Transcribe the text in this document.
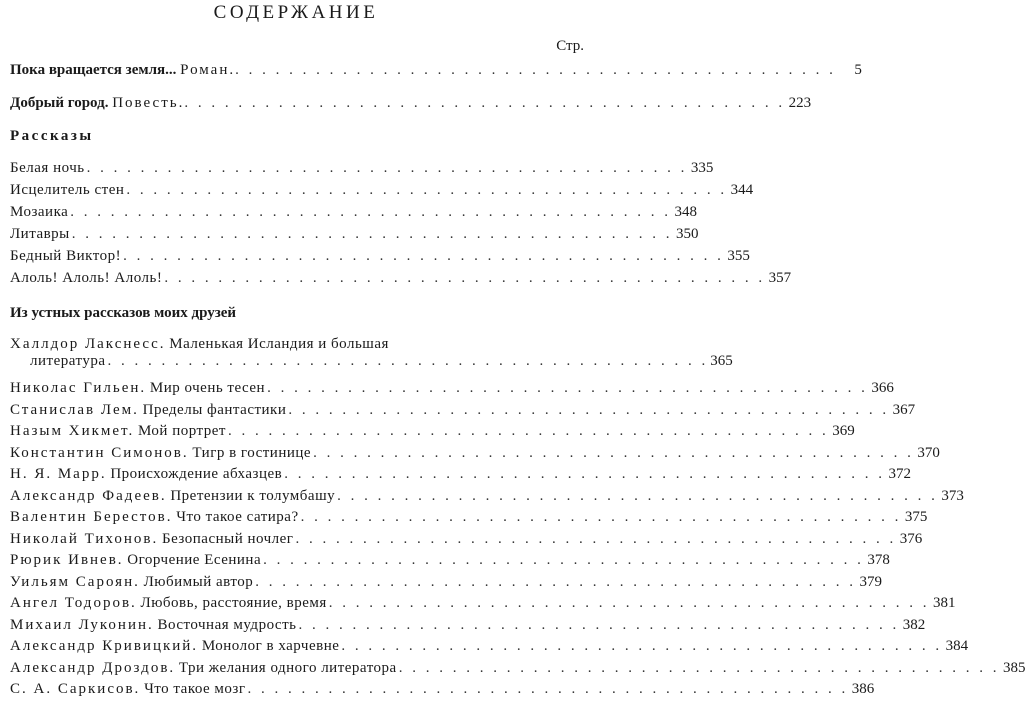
СОДЕРЖАНИЕ
Стр.
Пока вращается земля... Роман. . . . . . . . . . . . . . . . . . . . . . . . . . . . . . . . . . . . . . . . . . . . . .	5
Добрый город. Повесть. . . . . . . . . . . . . . . . . . . . . . . . . . . . . . . . . . . . . . . . . . . . . . 223
Рассказы
Белая ночь . . . . . . . . . . . . . . . . . . . . . . . . . . . . . . . . . . . . . . . . . . . . . 335
Исцелитель стен . . . . . . . . . . . . . . . . . . . . . . . . . . . . . . . . . . . . . . . . . . . . . 344
Мозаика . . . . . . . . . . . . . . . . . . . . . . . . . . . . . . . . . . . . . . . . . . . . . 348
Литавры . . . . . . . . . . . . . . . . . . . . . . . . . . . . . . . . . . . . . . . . . . . . . 350
Бедный Виктор! . . . . . . . . . . . . . . . . . . . . . . . . . . . . . . . . . . . . . . . . . . . . . 355
Алоль! Алоль! Алоль! . . . . . . . . . . . . . . . . . . . . . . . . . . . . . . . . . . . . . . . . . . . . . 357
Из устных рассказов моих друзей
Халлдор Лакснесс. Маленькая Исландия и большая
литература . . . . . . . . . . . . . . . . . . . . . . . . . . . . . . . . . . . . . . . . . . . . . 365
Николас Гильен. Мир очень тесен . . . . . . . . . . . . . . . . . . . . . . . . . . . . . . . . . . . . . . . . . . . . . 366
Станислав Лем. Пределы фантастики . . . . . . . . . . . . . . . . . . . . . . . . . . . . . . . . . . . . . . . . . . . . . 367
Назым Хикмет. Мой портрет . . . . . . . . . . . . . . . . . . . . . . . . . . . . . . . . . . . . . . . . . . . . . 369
Константин Симонов. Тигр в гостинице . . . . . . . . . . . . . . . . . . . . . . . . . . . . . . . . . . . . . . . . . . . . . 370
Н. Я. Марр. Происхождение абхазцев . . . . . . . . . . . . . . . . . . . . . . . . . . . . . . . . . . . . . . . . . . . . . 372
Александр Фадеев. Претензии к толумбашу . . . . . . . . . . . . . . . . . . . . . . . . . . . . . . . . . . . . . . . . . . . . . 373
Валентин Берестов. Что такое сатира? . . . . . . . . . . . . . . . . . . . . . . . . . . . . . . . . . . . . . . . . . . . . . 375
Николай Тихонов. Безопасный ночлег . . . . . . . . . . . . . . . . . . . . . . . . . . . . . . . . . . . . . . . . . . . . . 376
Рюрик Ивнев. Огорчение Есенина . . . . . . . . . . . . . . . . . . . . . . . . . . . . . . . . . . . . . . . . . . . . . 378
Уильям Сароян. Любимый автор . . . . . . . . . . . . . . . . . . . . . . . . . . . . . . . . . . . . . . . . . . . . . 379
Ангел Тодоров. Любовь, расстояние, время . . . . . . . . . . . . . . . . . . . . . . . . . . . . . . . . . . . . . . . . . . . . . 381
Михаил Луконин. Восточная мудрость . . . . . . . . . . . . . . . . . . . . . . . . . . . . . . . . . . . . . . . . . . . . . 382
Александр Кривицкий. Монолог в харчевне . . . . . . . . . . . . . . . . . . . . . . . . . . . . . . . . . . . . . . . . . . . . . 384
Александр Дроздов. Три желания одного литератора . . . . . . . . . . . . . . . . . . . . . . . . . . . . . . . . . . . . . . . . . . . . . 385
С. А. Саркисов. Что такое мозг . . . . . . . . . . . . . . . . . . . . . . . . . . . . . . . . . . . . . . . . . . . . . 386
